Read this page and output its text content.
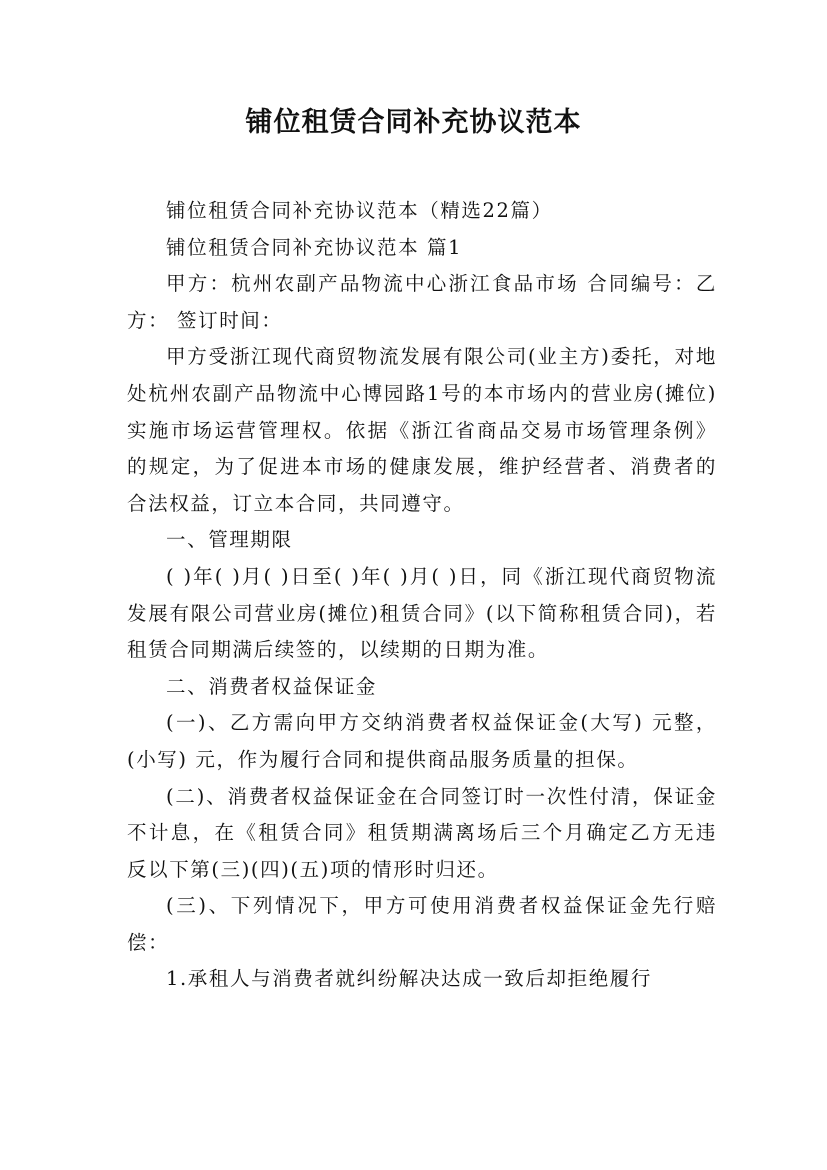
铺位租赁合同补充协议范本

铺位租赁合同补充协议范本（精选22篇）

铺位租赁合同补充协议范本 篇1

甲方：杭州农副产品物流中心浙江食品市场 合同编号：乙方： 签订时间：

甲方受浙江现代商贸物流发展有限公司(业主方)委托，对地处杭州农副产品物流中心博园路1号的本市场内的营业房(摊位)实施市场运营管理权。依据《浙江省商品交易市场管理条例》的规定，为了促进本市场的健康发展，维护经营者、消费者的合法权益，订立本合同，共同遵守。

一、管理期限

( )年( )月( )日至( )年( )月( )日，同《浙江现代商贸物流发展有限公司营业房(摊位)租赁合同》(以下简称租赁合同)，若租赁合同期满后续签的，以续期的日期为准。

二、消费者权益保证金

(一)、乙方需向甲方交纳消费者权益保证金(大写) 元整，(小写) 元，作为履行合同和提供商品服务质量的担保。

(二)、消费者权益保证金在合同签订时一次性付清，保证金不计息，在《租赁合同》租赁期满离场后三个月确定乙方无违反以下第(三)(四)(五)项的情形时归还。

(三)、下列情况下，甲方可使用消费者权益保证金先行赔偿：

1.承租人与消费者就纠纷解决达成一致后却拒绝履行
